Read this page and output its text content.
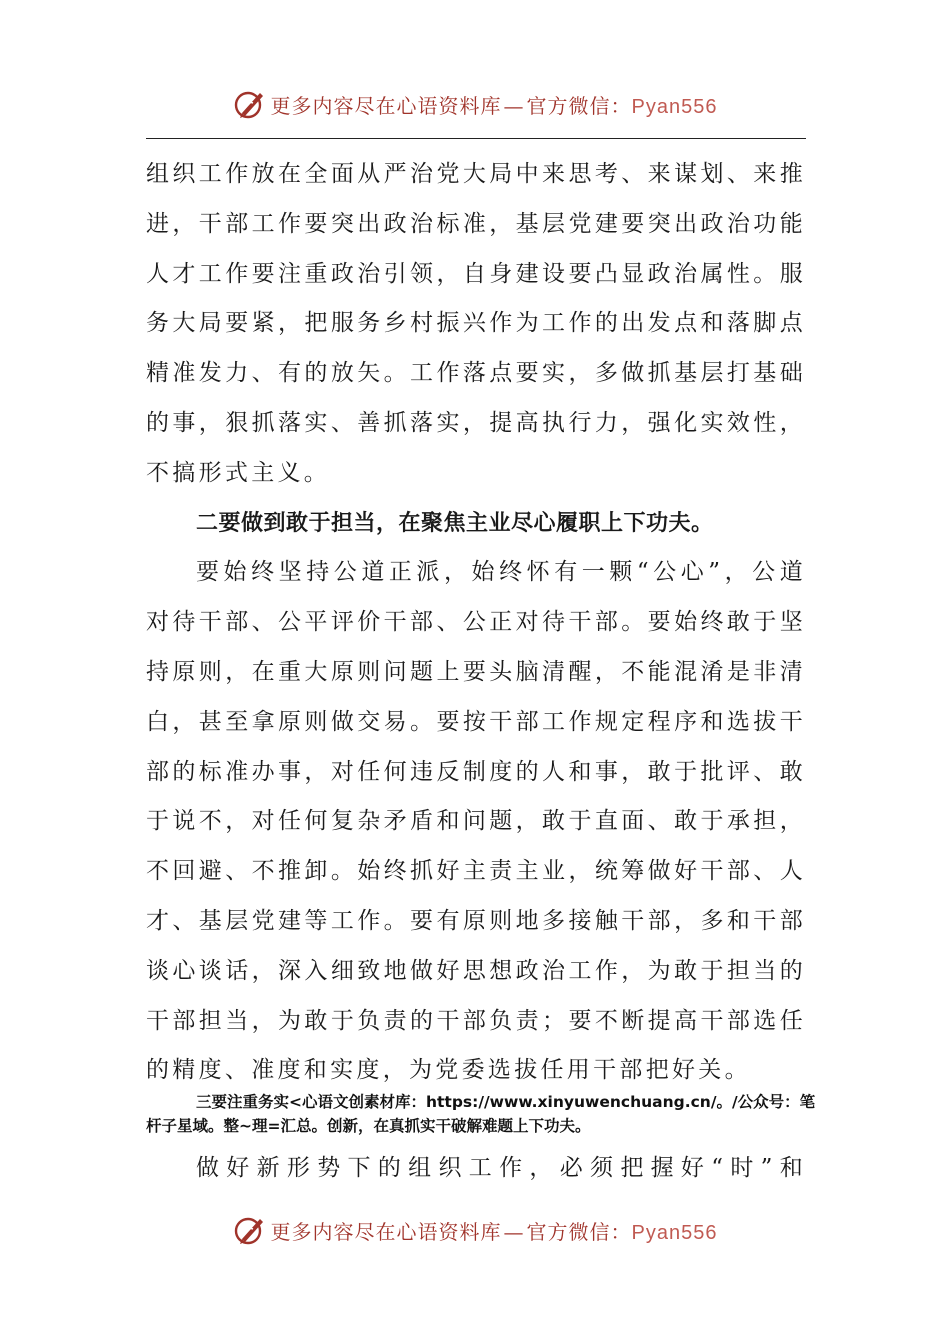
更多内容尽在心语资料库 — 官方微信：Pyan556
组织工作放在全面从严治党大局中来思考、来谋划、来推
进，干部工作要突出政治标准，基层党建要突出政治功能
人才工作要注重政治引领，自身建设要凸显政治属性。服
务大局要紧，把服务乡村振兴作为工作的出发点和落脚点
精准发力、有的放矢。工作落点要实，多做抓基层打基础
的事，狠抓落实、善抓落实，提高执行力，强化实效性，
不搞形式主义。
二要做到敢于担当，在聚焦主业尽心履职上下功夫。
要始终坚持公道正派，始终怀有一颗“公心”，公道
对待干部、公平评价干部、公正对待干部。要始终敢于坚
持原则，在重大原则问题上要头脑清醒，不能混淆是非清
白，甚至拿原则做交易。要按干部工作规定程序和选拔干
部的标准办事，对任何违反制度的人和事，敢于批评、敢
于说不，对任何复杂矛盾和问题，敢于直面、敢于承担，
不回避、不推卸。始终抓好主责主业，统筹做好干部、人
才、基层党建等工作。要有原则地多接触干部，多和干部
谈心谈话，深入细致地做好思想政治工作，为敢于担当的
干部担当，为敢于负责的干部负责；要不断提高干部选任
的精度、准度和实度，为党委选拔任用干部把好关。
三要注重务实<心语文创素材库：https://www.xinyuwenchuang.cn/。/公众号：笔
杆子星域。整~理=汇总。创新，在真抓实干破解难题上下功夫。
做好新形势下的组织工作，必须把握好“时”和
更多内容尽在心语资料库 — 官方微信：Pyan556
